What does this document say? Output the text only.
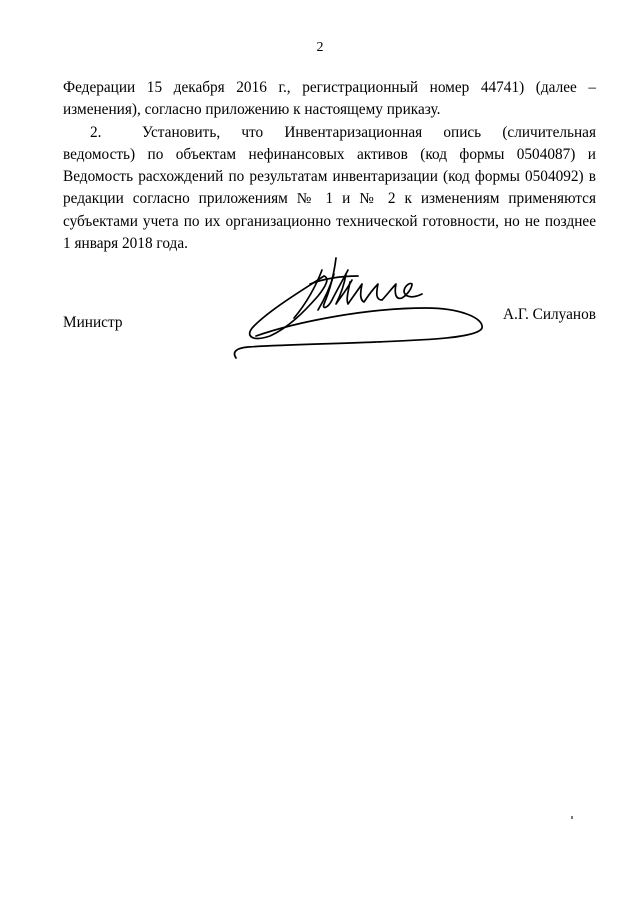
2

Федерации 15 декабря 2016 г., регистрационный номер 44741) (далее – изменения), согласно приложению к настоящему приказу.

2.	Установить, что Инвентаризационная опись (сличительная ведомость) по объектам нефинансовых активов (код формы 0504087) и Ведомость расхождений по результатам инвентаризации (код формы 0504092) в редакции согласно приложениям № 1 и № 2 к изменениям применяются субъектами учета по их организационно технической готовности, но не позднее 1 января 2018 года.

Министр	А.Г. Силуанов
